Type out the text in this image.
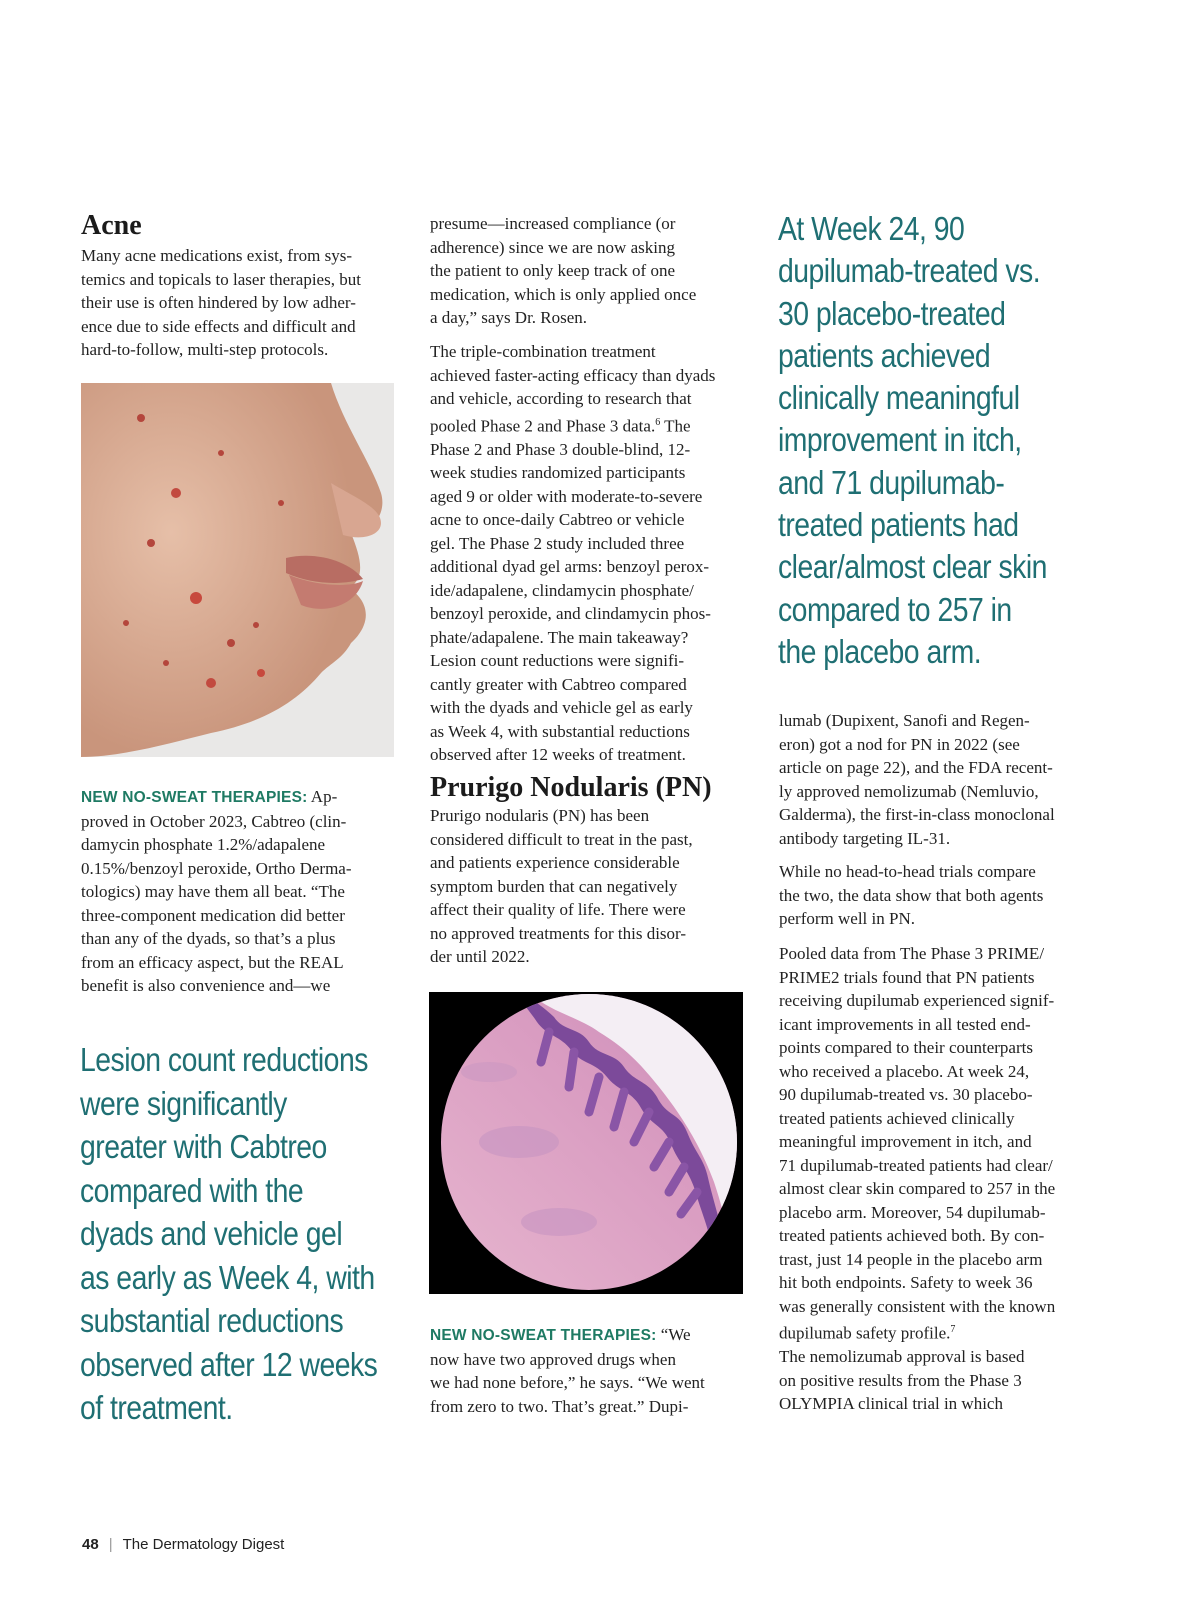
Acne
Many acne medications exist, from sys-
temics and topicals to laser therapies, but
their use is often hindered by low adher-
ence due to side effects and difficult and
hard-to-follow, multi-step protocols.
NEW NO-SWEAT THERAPIES: Ap-
proved in October 2023, Cabtreo (clin-
damycin phosphate 1.2%/adapalene
0.15%/benzoyl peroxide, Ortho Derma-
tologics) may have them all beat. “The
three-component medication did better
than any of the dyads, so that’s a plus
from an efficacy aspect, but the REAL
benefit is also convenience and—we
Lesion count reductions
were significantly
greater with Cabtreo
compared with the
dyads and vehicle gel
as early as Week 4, with
substantial reductions
observed after 12 weeks
of treatment.
presume—increased compliance (or
adherence) since we are now asking
the patient to only keep track of one
medication, which is only applied once
a day,” says Dr. Rosen.
The triple-combination treatment
achieved faster-acting efficacy than dyads
and vehicle, according to research that
pooled Phase 2 and Phase 3 data.$^6$ The
Phase 2 and Phase 3 double-blind, 12-
week studies randomized participants
aged 9 or older with moderate-to-severe
acne to once-daily Cabtreo or vehicle
gel. The Phase 2 study included three
additional dyad gel arms: benzoyl perox-
ide/adapalene, clindamycin phosphate/
benzoyl peroxide, and clindamycin phos-
phate/adapalene. The main takeaway?
Lesion count reductions were signifi-
cantly greater with Cabtreo compared
with the dyads and vehicle gel as early
as Week 4, with substantial reductions
observed after 12 weeks of treatment.
Prurigo Nodularis (PN)
Prurigo nodularis (PN) has been
considered difficult to treat in the past,
and patients experience considerable
symptom burden that can negatively
affect their quality of life. There were
no approved treatments for this disor-
der until 2022.
NEW NO-SWEAT THERAPIES: “We
now have two approved drugs when
we had none before,” he says. “We went
from zero to two. That’s great.” Dupi-
At Week 24, 90
dupilumab-treated vs.
30 placebo-treated
patients achieved
clinically meaningful
improvement in itch,
and 71 dupilumab-
treated patients had
clear/almost clear skin
compared to 257 in
the placebo arm.
lumab (Dupixent, Sanofi and Regen-
eron) got a nod for PN in 2022 (see
article on page 22), and the FDA recent-
ly approved nemolizumab (Nemluvio,
Galderma), the first-in-class monoclonal
antibody targeting IL-31.
While no head-to-head trials compare
the two, the data show that both agents
perform well in PN.
Pooled data from The Phase 3 PRIME/
PRIME2 trials found that PN patients
receiving dupilumab experienced signif-
icant improvements in all tested end-
points compared to their counterparts
who received a placebo. At week 24,
90 dupilumab-treated vs. 30 placebo-
treated patients achieved clinically
meaningful improvement in itch, and
71 dupilumab-treated patients had clear/
almost clear skin compared to 257 in the
placebo arm. Moreover, 54 dupilumab-
treated patients achieved both. By con-
trast, just 14 people in the placebo arm
hit both endpoints. Safety to week 36
was generally consistent with the known
dupilumab safety profile.$^7$
The nemolizumab approval is based
on positive results from the Phase 3
OLYMPIA clinical trial in which
48 | The Dermatology Digest
